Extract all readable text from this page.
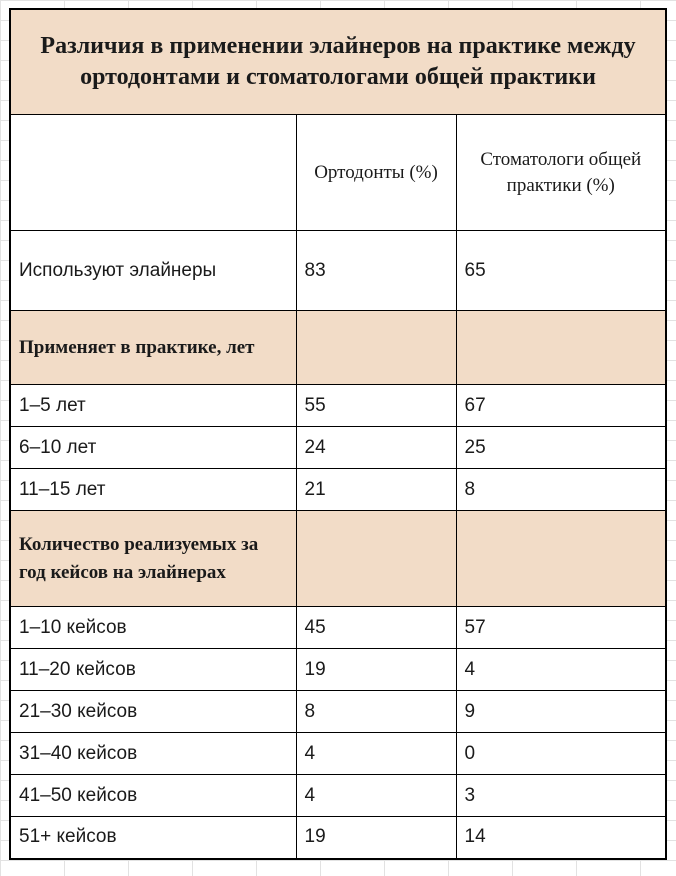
Различия в применении элайнеров на практике между ортодонтами и стоматологами общей практики		
	Ортодонты (%)	Стоматологи общей практики (%)
Используют элайнеры	83	65
Применяет в практике, лет		
1–5 лет	55	67
6–10 лет	24	25
11–15 лет	21	8
Количество реализуемых за год кейсов на элайнерах		
1–10 кейсов	45	57
11–20 кейсов	19	4
21–30 кейсов	8	9
31–40 кейсов	4	0
41–50 кейсов	4	3
51+ кейсов	19	14
